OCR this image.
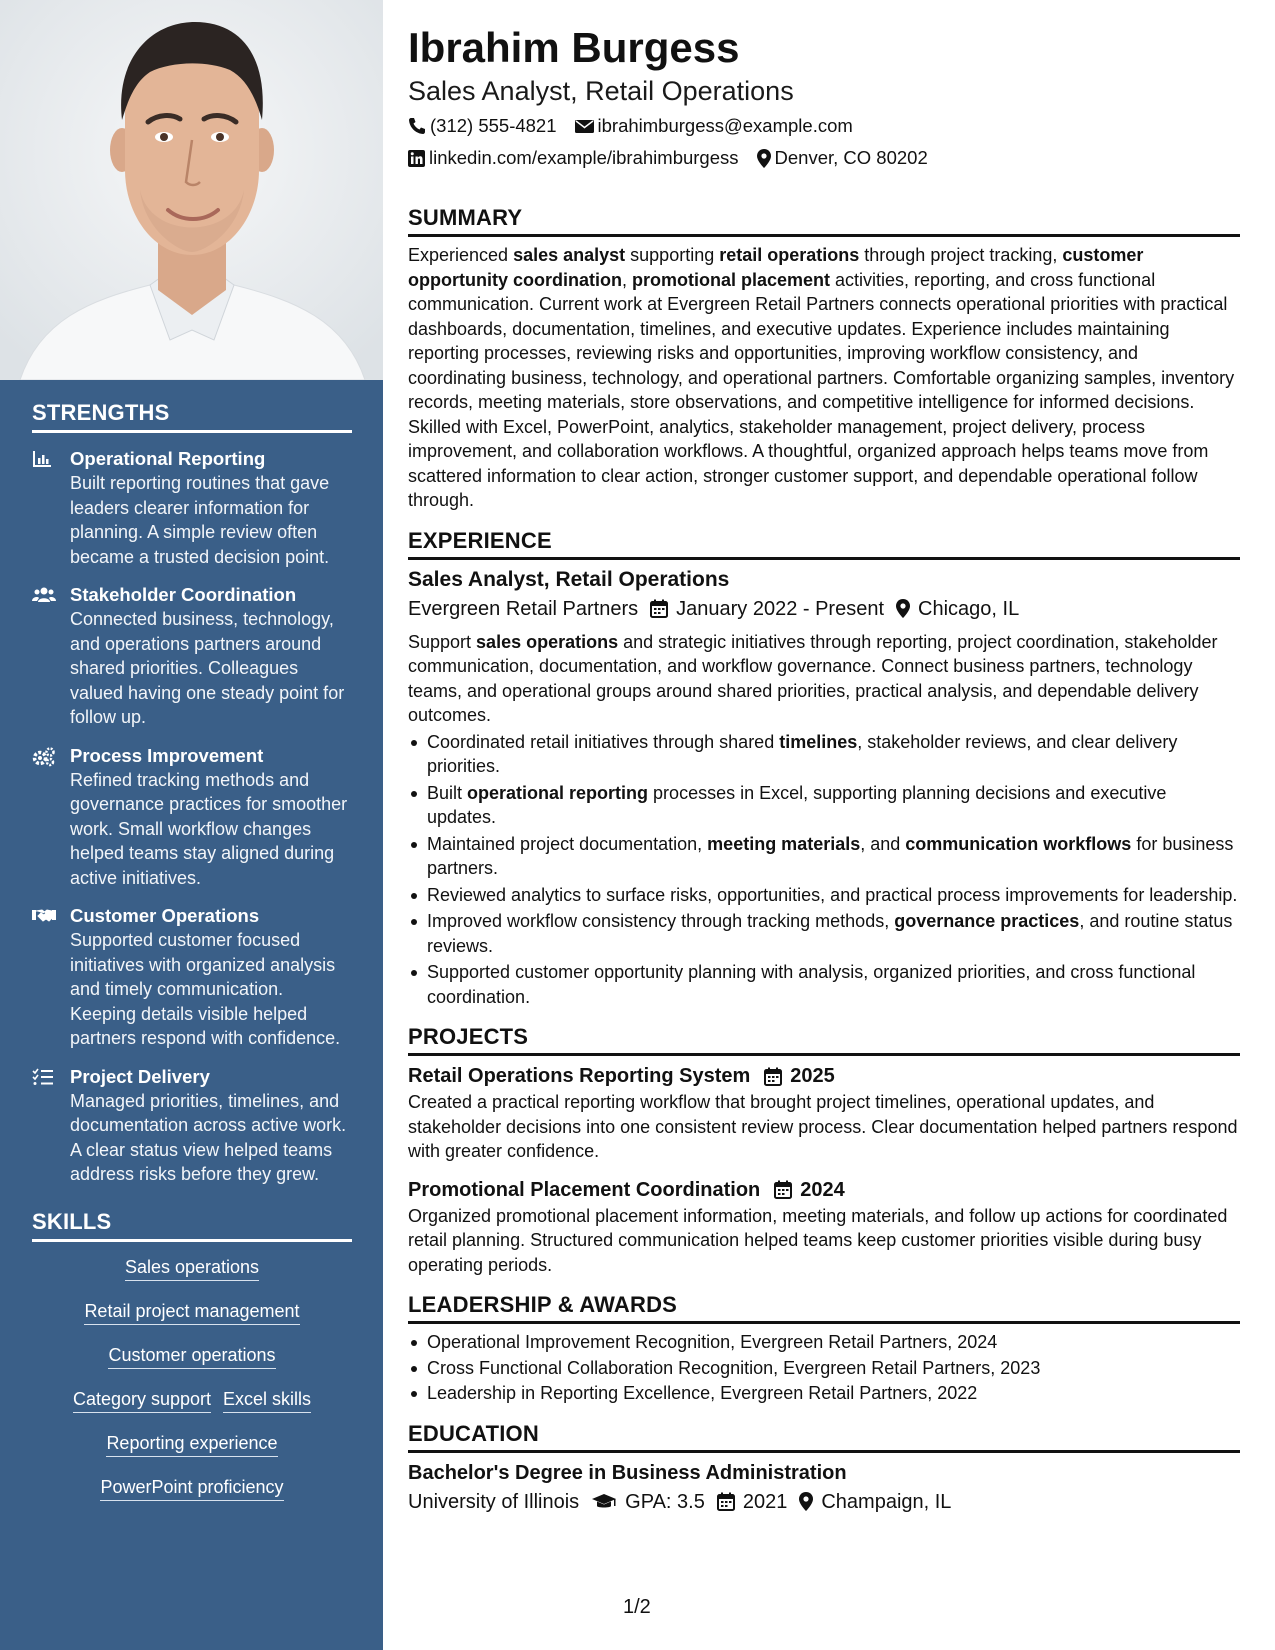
STRENGTHS
Operational Reporting
Built reporting routines that gave leaders clearer information for planning. A simple review often became a trusted decision point.
Stakeholder Coordination
Connected business, technology, and operations partners around shared priorities. Colleagues valued having one steady point for follow up.
Process Improvement
Refined tracking methods and governance practices for smoother work. Small workflow changes helped teams stay aligned during active initiatives.
Customer Operations
Supported customer focused initiatives with organized analysis and timely communication. Keeping details visible helped partners respond with confidence.
Project Delivery
Managed priorities, timelines, and documentation across active work. A clear status view helped teams address risks before they grew.
SKILLS
Sales operations
Retail project management
Customer operations
Category support Excel skills
Reporting experience
PowerPoint proficiency
Ibrahim Burgess
Sales Analyst, Retail Operations
(312) 555-4821 ibrahimburgess@example.com
linkedin.com/example/ibrahimburgess Denver, CO 80202
SUMMARY
Experienced sales analyst supporting retail operations through project tracking, customer opportunity coordination, promotional placement activities, reporting, and cross functional communication. Current work at Evergreen Retail Partners connects operational priorities with practical dashboards, documentation, timelines, and executive updates. Experience includes maintaining reporting processes, reviewing risks and opportunities, improving workflow consistency, and coordinating business, technology, and operational partners. Comfortable organizing samples, inventory records, meeting materials, store observations, and competitive intelligence for informed decisions. Skilled with Excel, PowerPoint, analytics, stakeholder management, project delivery, process improvement, and collaboration workflows. A thoughtful, organized approach helps teams move from scattered information to clear action, stronger customer support, and dependable operational follow through.
EXPERIENCE
Sales Analyst, Retail Operations
Evergreen Retail Partners January 2022 - Present Chicago, IL
Support sales operations and strategic initiatives through reporting, project coordination, stakeholder communication, documentation, and workflow governance. Connect business partners, technology teams, and operational groups around shared priorities, practical analysis, and dependable delivery outcomes.
Coordinated retail initiatives through shared timelines, stakeholder reviews, and clear delivery priorities.
Built operational reporting processes in Excel, supporting planning decisions and executive updates.
Maintained project documentation, meeting materials, and communication workflows for business partners.
Reviewed analytics to surface risks, opportunities, and practical process improvements for leadership.
Improved workflow consistency through tracking methods, governance practices, and routine status reviews.
Supported customer opportunity planning with analysis, organized priorities, and cross functional coordination.
PROJECTS
Retail Operations Reporting System 2025
Created a practical reporting workflow that brought project timelines, operational updates, and stakeholder decisions into one consistent review process. Clear documentation helped partners respond with greater confidence.
Promotional Placement Coordination 2024
Organized promotional placement information, meeting materials, and follow up actions for coordinated retail planning. Structured communication helped teams keep customer priorities visible during busy operating periods.
LEADERSHIP & AWARDS
Operational Improvement Recognition, Evergreen Retail Partners, 2024
Cross Functional Collaboration Recognition, Evergreen Retail Partners, 2023
Leadership in Reporting Excellence, Evergreen Retail Partners, 2022
EDUCATION
Bachelor's Degree in Business Administration
University of Illinois GPA: 3.5 2021 Champaign, IL
1/2
